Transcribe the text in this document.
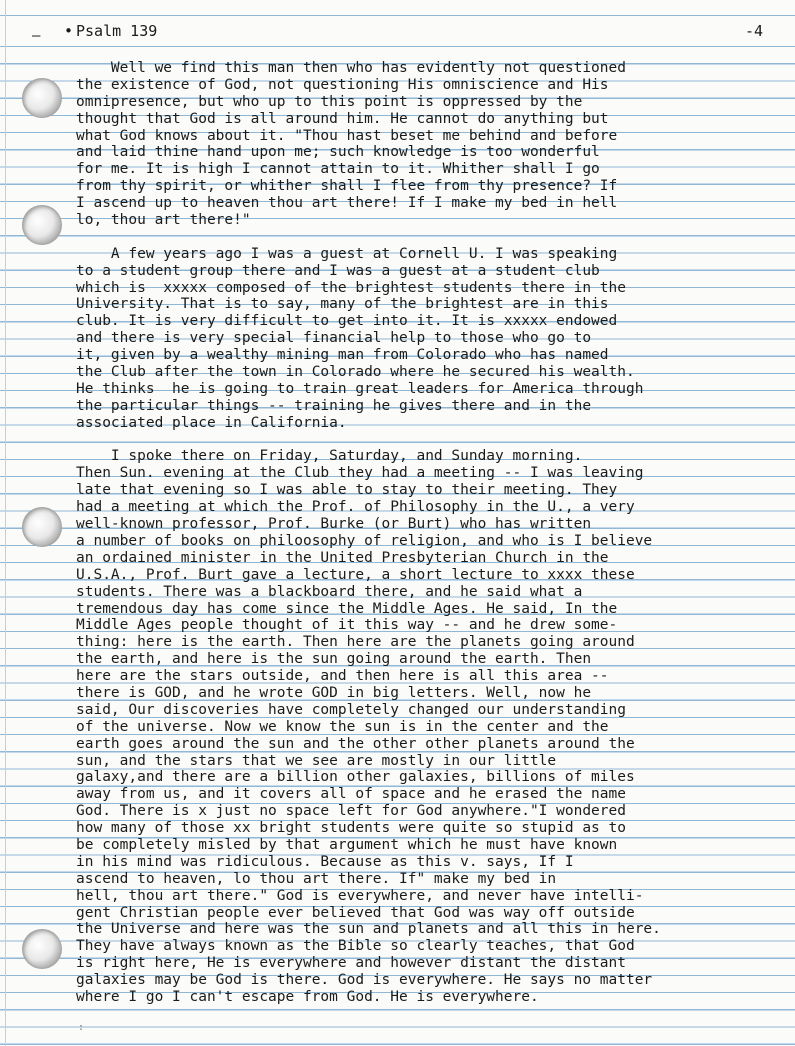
– • Psalm 139	-4
Well we find this man then who has evidently not questioned
the existence of God, not questioning His omniscience and His
omnipresence, but who up to this point is oppressed by the
thought that God is all around him. He cannot do anything but
what God knows about it. "Thou hast beset me behind and before
and laid thine hand upon me; such knowledge is too wonderful
for me. It is high I cannot attain to it. Whither shall I go
from thy spirit, or whither shall I flee from thy presence? If
I ascend up to heaven thou art there! If I make my bed in hell
lo, thou art there!"
A few years ago I was a guest at Cornell U. I was speaking
to a student group there and I was a guest at a student club
which is  xxxxx composed of the brightest students there in the
University. That is to say, many of the brightest are in this
club. It is very difficult to get into it. It is xxxxx endowed
and there is very special financial help to those who go to
it, given by a wealthy mining man from Colorado who has named
the Club after the town in Colorado where he secured his wealth.
He thinks  he is going to train great leaders for America through
the particular things -- training he gives there and in the
associated place in California.
I spoke there on Friday, Saturday, and Sunday morning.
Then Sun. evening at the Club they had a meeting -- I was leaving
late that evening so I was able to stay to their meeting. They
had a meeting at which the Prof. of Philosophy in the U., a very
well-known professor, Prof. Burke (or Burt) who has written
a number of books on philoosophy of religion, and who is I believe
an ordained minister in the United Presbyterian Church in the
U.S.A., Prof. Burt gave a lecture, a short lecture to xxxx these
students. There was a blackboard there, and he said what a
tremendous day has come since the Middle Ages. He said, In the
Middle Ages people thought of it this way -- and he drew some-
thing: here is the earth. Then here are the planets going around
the earth, and here is the sun going around the earth. Then
here are the stars outside, and then here is all this area --
there is GOD, and he wrote GOD in big letters. Well, now he
said, Our discoveries have completely changed our understanding
of the universe. Now we know the sun is in the center and the
earth goes around the sun and the other other planets around the
sun, and the stars that we see are mostly in our little
galaxy,and there are a billion other galaxies, billions of miles
away from us, and it covers all of space and he erased the name
God. There is x just no space left for God anywhere."I wondered
how many of those xx bright students were quite so stupid as to
be completely misled by that argument which he must have known
in his mind was ridiculous. Because as this v. says, If I
ascend to heaven, lo thou art there. If" make my bed in
hell, thou art there." God is everywhere, and never have intelli-
gent Christian people ever believed that God was way off outside
the Universe and here was the sun and planets and all this in here.
They have always known as the Bible so clearly teaches, that God
is right here, He is everywhere and however distant the distant
galaxies may be God is there. God is everywhere. He says no matter
where I go I can't escape from God. He is everywhere.
:
